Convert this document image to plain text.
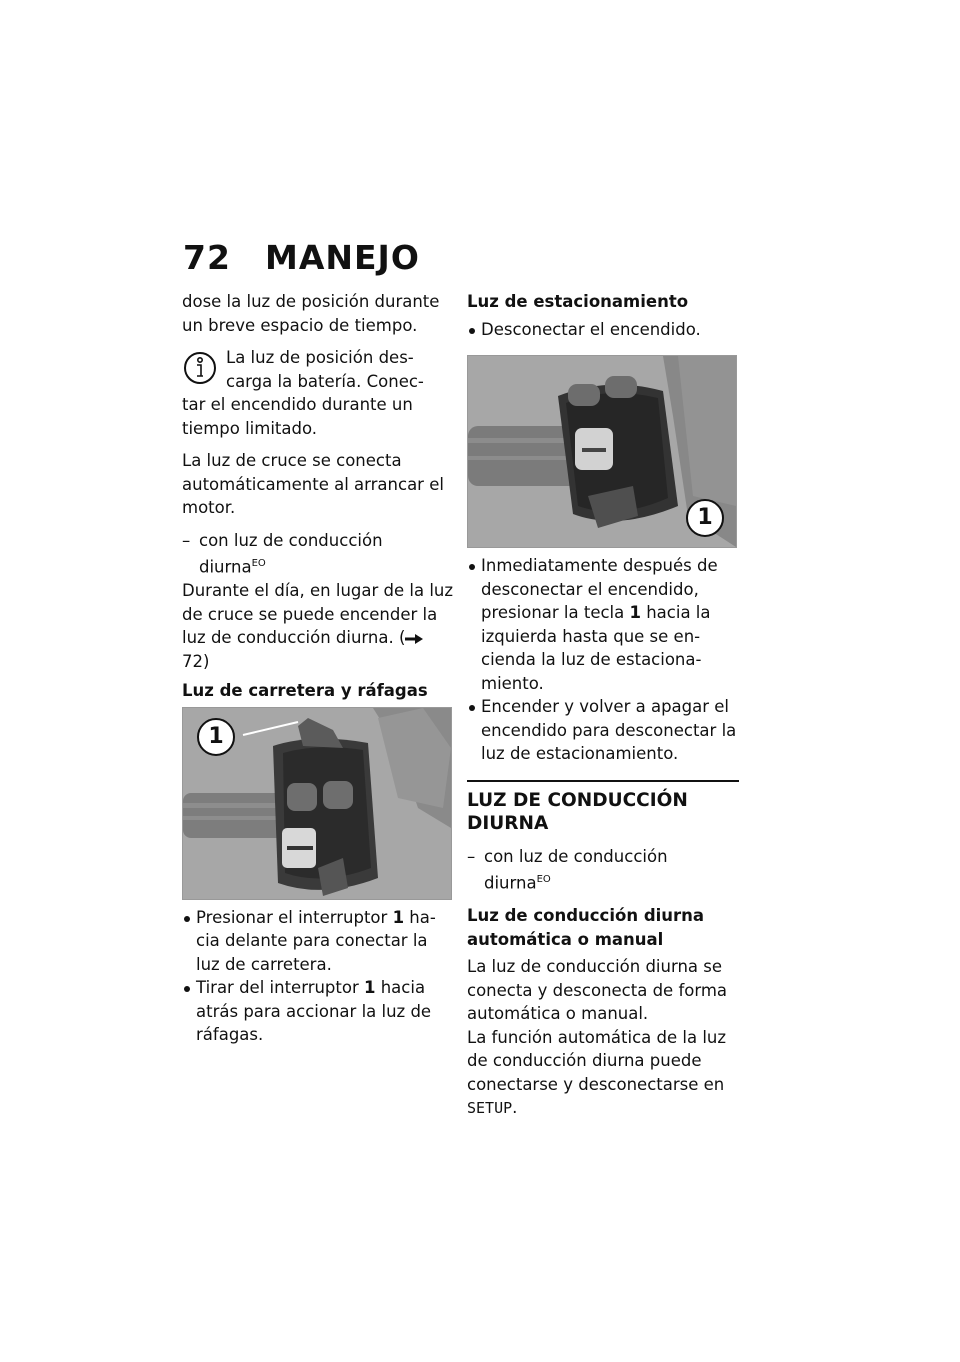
72 MANEJO

dose la luz de posición durante un breve espacio de tiempo.

La luz de posición des-carga la batería. Conec-

tar el encendido durante un tiempo limitado.

La luz de cruce se conecta automáticamente al arrancar el motor.

– con luz de conducción diurna$^{EO}$

Durante el día, en lugar de la luz de cruce se puede encender la luz de conducción diurna. ( 72)

Luz de carretera y ráfagas

1
Presionar el interruptor 1 ha-cia delante para conectar la luz de carretera.
Tirar del interruptor 1 hacia atrás para accionar la luz de ráfagas.

Luz de estacionamiento

Desconectar el encendido.
1
Inmediatamente después de desconectar el encendido, presionar la tecla 1 hacia la izquierda hasta que se en-cienda la luz de estaciona-miento.
Encender y volver a apagar el encendido para desconectar la luz de estacionamiento.
LUZ DE CONDUCCIÓN DIURNA
– con luz de conducción diurna$^{EO}$

Luz de conducción diurna automática o manual

La luz de conducción diurna se conecta y desconecta de forma automática o manual.

La función automática de la luz de conducción diurna puede conectarse y desconectarse en SETUP.
